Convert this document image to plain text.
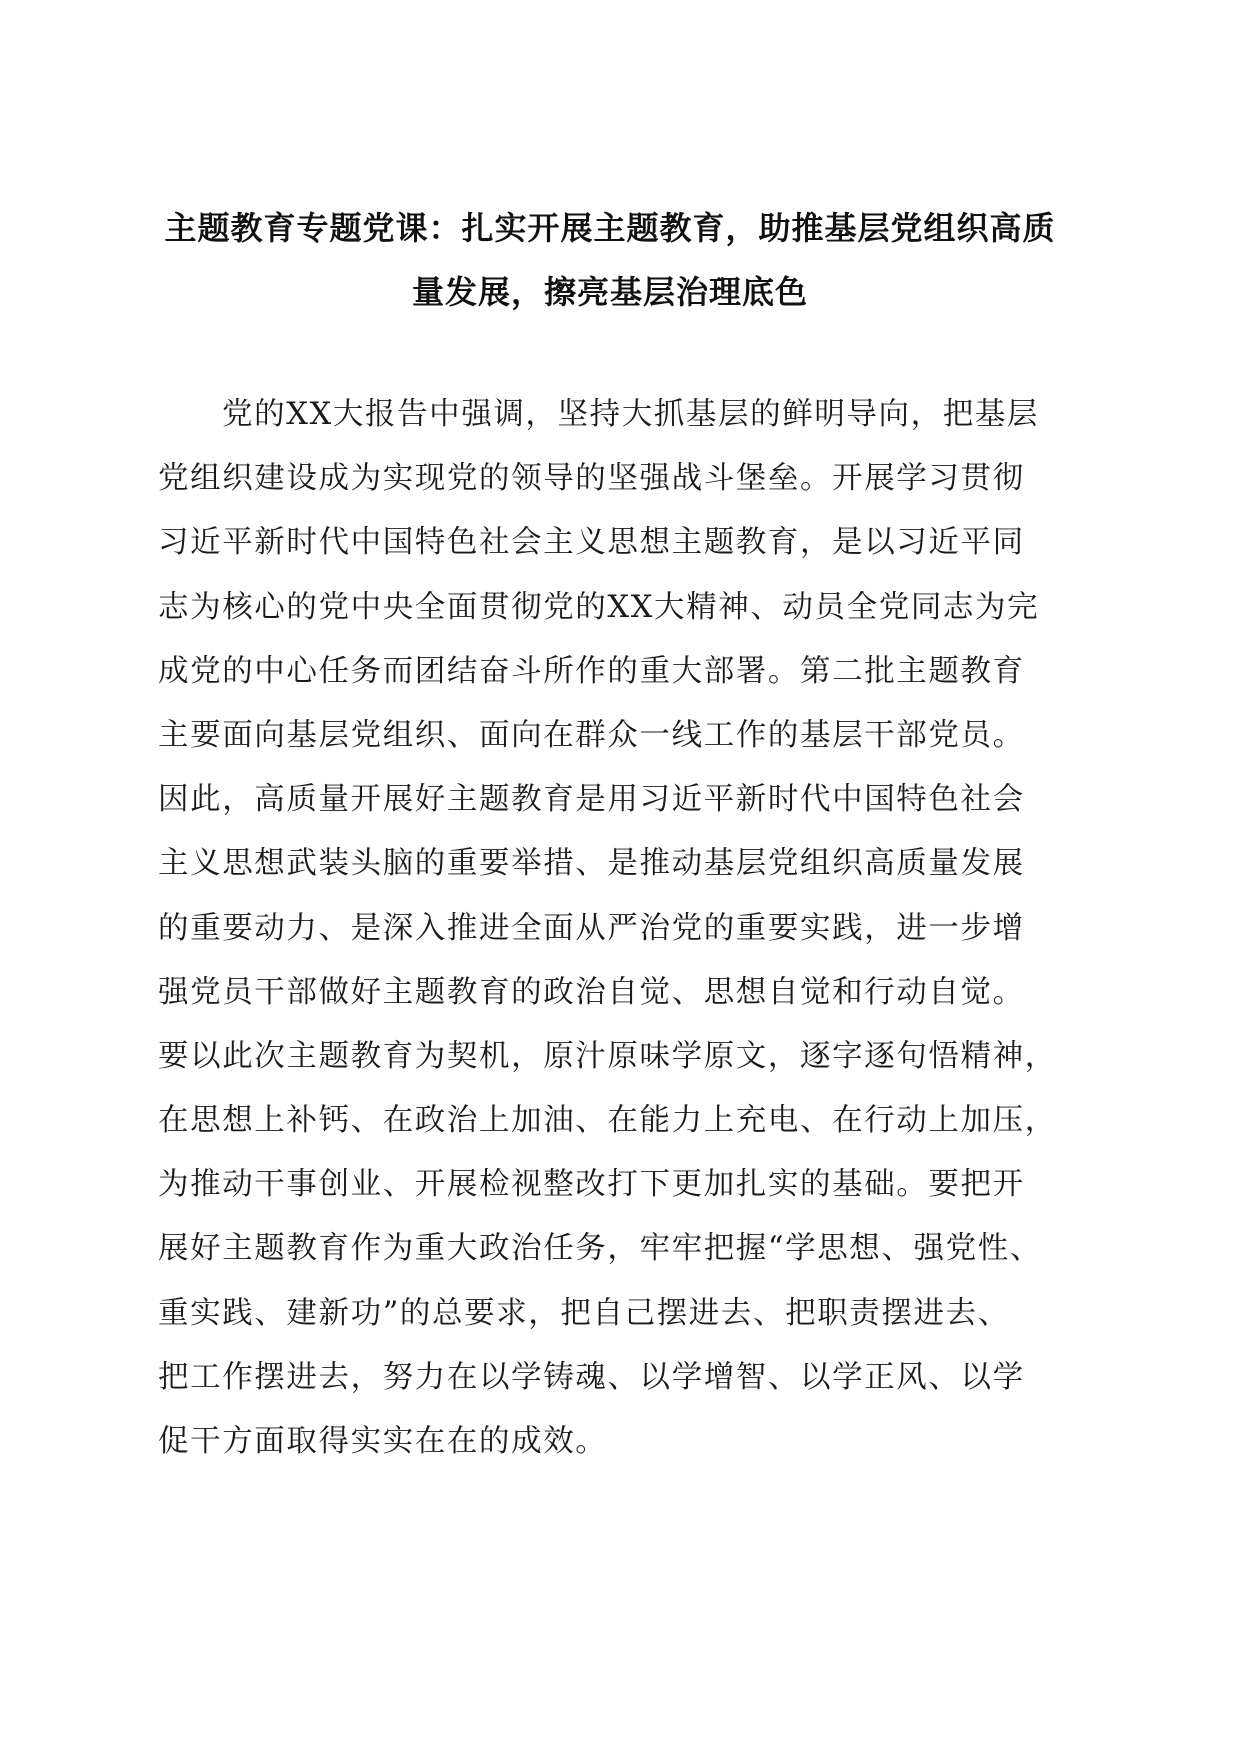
主题教育专题党课：扎实开展主题教育，助推基层党组织高质
量发展，擦亮基层治理底色
党的XX大报告中强调，坚持大抓基层的鲜明导向，把基层
党组织建设成为实现党的领导的坚强战斗堡垒。开展学习贯彻
习近平新时代中国特色社会主义思想主题教育，是以习近平同
志为核心的党中央全面贯彻党的XX大精神、动员全党同志为完
成党的中心任务而团结奋斗所作的重大部署。第二批主题教育
主要面向基层党组织、面向在群众一线工作的基层干部党员。
因此，高质量开展好主题教育是用习近平新时代中国特色社会
主义思想武装头脑的重要举措、是推动基层党组织高质量发展
的重要动力、是深入推进全面从严治党的重要实践，进一步增
强党员干部做好主题教育的政治自觉、思想自觉和行动自觉。
要以此次主题教育为契机，原汁原味学原文，逐字逐句悟精神，
在思想上补钙、在政治上加油、在能力上充电、在行动上加压，
为推动干事创业、开展检视整改打下更加扎实的基础。要把开
展好主题教育作为重大政治任务，牢牢把握“学思想、强党性、
重实践、建新功”的总要求，把自己摆进去、把职责摆进去、
把工作摆进去，努力在以学铸魂、以学增智、以学正风、以学
促干方面取得实实在在的成效。
